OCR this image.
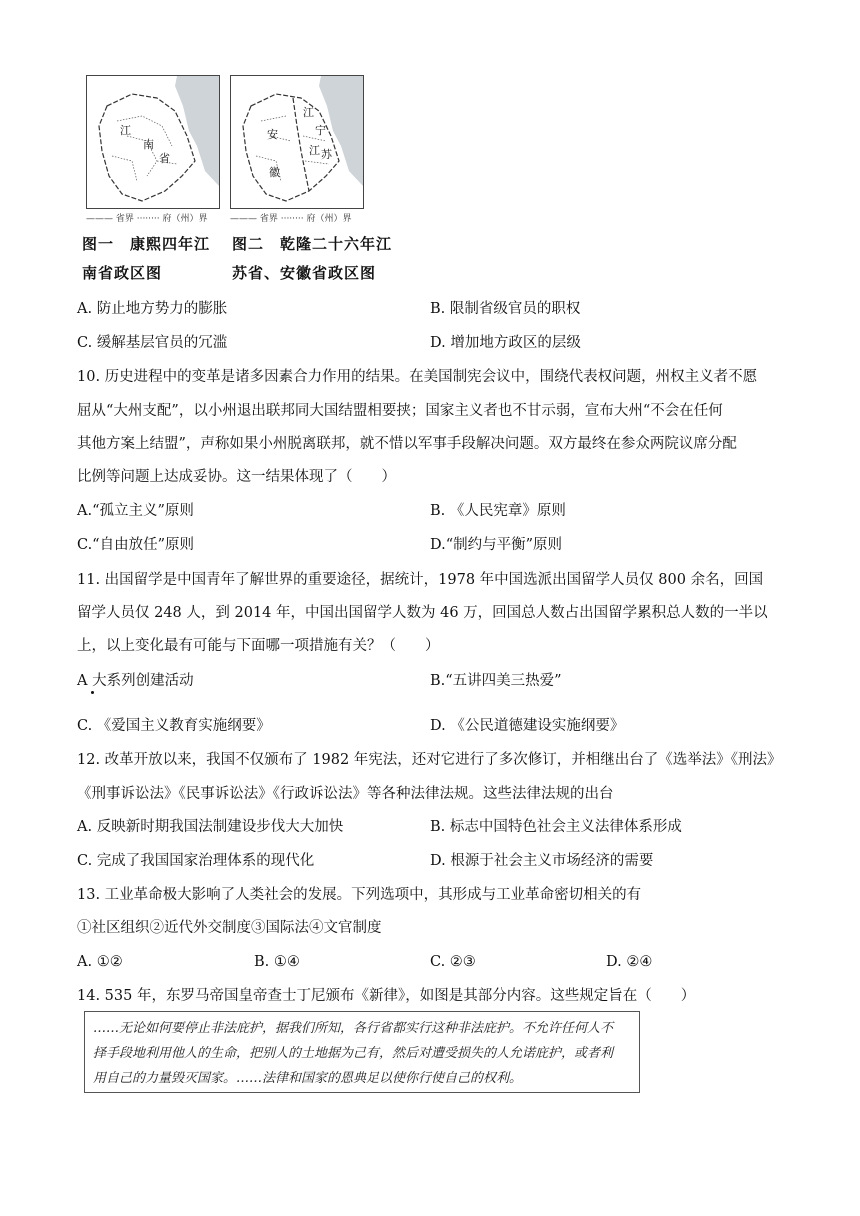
江
南
省
——— 省界 ········ 府（州）界
图一　康熙四年江
南省政区图
江
安	宁
江 苏
徽
——— 省界 ········ 府（州）界
图二　乾隆二十六年江
苏省、安徽省政区图
A. 防止地方势力的膨胀	B. 限制省级官员的职权
C. 缓解基层官员的冗滥	D. 增加地方政区的层级
10. 历史进程中的变革是诸多因素合力作用的结果。在美国制宪会议中，围绕代表权问题，州权主义者不愿
屈从“大州支配”，以小州退出联邦同大国结盟相要挟；国家主义者也不甘示弱，宣布大州“不会在任何
其他方案上结盟”，声称如果小州脱离联邦，就不惜以军事手段解决问题。双方最终在参众两院议席分配
比例等问题上达成妥协。这一结果体现了（　　）
A.“孤立主义”原则	B. 《人民宪章》原则
C.“自由放任”原则	D.“制约与平衡”原则
11. 出国留学是中国青年了解世界的重要途径，据统计，1978 年中国选派出国留学人员仅 800 余名，回国
留学人员仅 248 人，到 2014 年，中国出国留学人数为 46 万，回国总人数占出国留学累积总人数的一半以
上，以上变化最有可能与下面哪一项措施有关？（　　）
A 大系列创建活动	B.“五讲四美三热爱”
C. 《爱国主义教育实施纲要》	D. 《公民道德建设实施纲要》
12. 改革开放以来，我国不仅颁布了 1982 年宪法，还对它进行了多次修订，并相继出台了《选举法》《刑法》
《刑事诉讼法》《民事诉讼法》《行政诉讼法》等各种法律法规。这些法律法规的出台
A. 反映新时期我国法制建设步伐大大加快	B. 标志中国特色社会主义法律体系形成
C. 完成了我国国家治理体系的现代化	D. 根源于社会主义市场经济的需要
13. 工业革命极大影响了人类社会的发展。下列选项中，其形成与工业革命密切相关的有
①社区组织②近代外交制度③国际法④文官制度
A. ①②	B. ①④	C. ②③	D. ②④
14. 535 年，东罗马帝国皇帝查士丁尼颁布《新律》，如图是其部分内容。这些规定旨在（　　）
……无论如何要停止非法庇护，据我们所知，各行省都实行这种非法庇护。不允许任何人不
择手段地利用他人的生命，把别人的土地据为己有，然后对遭受损失的人允诺庇护，或者利
用自己的力量毁灭国家。……法律和国家的恩典足以使你行使自己的权利。
